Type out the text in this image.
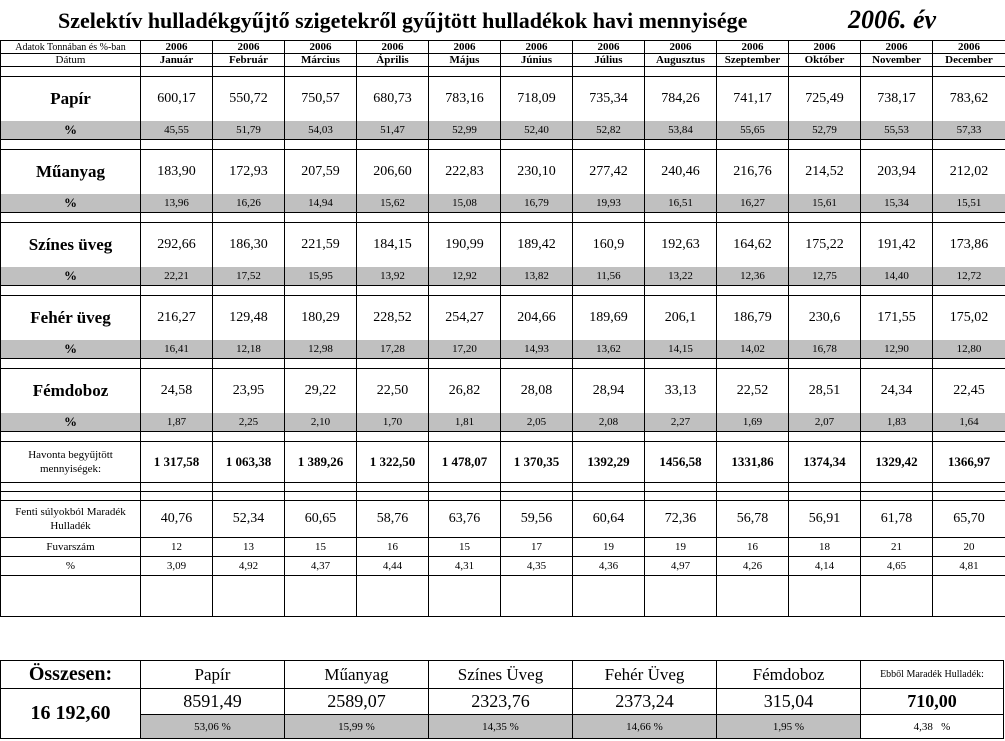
Szelektív hulladékgyűjtő szigetekről gyűjtött hulladékok havi mennyisége	2006. év
Adatok Tonnában és %-ban	2006	2006	2006	2006	2006	2006	2006	2006	2006	2006	2006	2006
Dátum	Január	Február	Március	Április	Május	Június	Július	Augusztus	Szeptember	Október	November	December

Papír	600,17	550,72	750,57	680,73	783,16	718,09	735,34	784,26	741,17	725,49	738,17	783,62
%	45,55	51,79	54,03	51,47	52,99	52,40	52,82	53,84	55,65	52,79	55,53	57,33

Műanyag	183,90	172,93	207,59	206,60	222,83	230,10	277,42	240,46	216,76	214,52	203,94	212,02
%	13,96	16,26	14,94	15,62	15,08	16,79	19,93	16,51	16,27	15,61	15,34	15,51

Színes üveg	292,66	186,30	221,59	184,15	190,99	189,42	160,9	192,63	164,62	175,22	191,42	173,86
%	22,21	17,52	15,95	13,92	12,92	13,82	11,56	13,22	12,36	12,75	14,40	12,72

Fehér üveg	216,27	129,48	180,29	228,52	254,27	204,66	189,69	206,1	186,79	230,6	171,55	175,02
%	16,41	12,18	12,98	17,28	17,20	14,93	13,62	14,15	14,02	16,78	12,90	12,80

Fémdoboz	24,58	23,95	29,22	22,50	26,82	28,08	28,94	33,13	22,52	28,51	24,34	22,45
%	1,87	2,25	2,10	1,70	1,81	2,05	2,08	2,27	1,69	2,07	1,83	1,64

Havonta begyűjtött mennyiségek:	1 317,58	1 063,38	1 389,26	1 322,50	1 478,07	1 370,35	1392,29	1456,58	1331,86	1374,34	1329,42	1366,97

Fenti súlyokból Maradék Hulladék	40,76	52,34	60,65	58,76	63,76	59,56	60,64	72,36	56,78	56,91	61,78	65,70
Fuvarszám	12	13	15	16	15	17	19	19	16	18	21	20
%	3,09	4,92	4,37	4,44	4,31	4,35	4,36	4,97	4,26	4,14	4,65	4,81

Összesen:	Papír	Műanyag	Színes Üveg	Fehér Üveg	Fémdoboz	Ebből Maradék Hulladék:
16 192,60	8591,49	2589,07	2323,76	2373,24	315,04	710,00
	53,06 %	15,99 %	14,35 %	14,66 %	1,95 %	4,38 %
